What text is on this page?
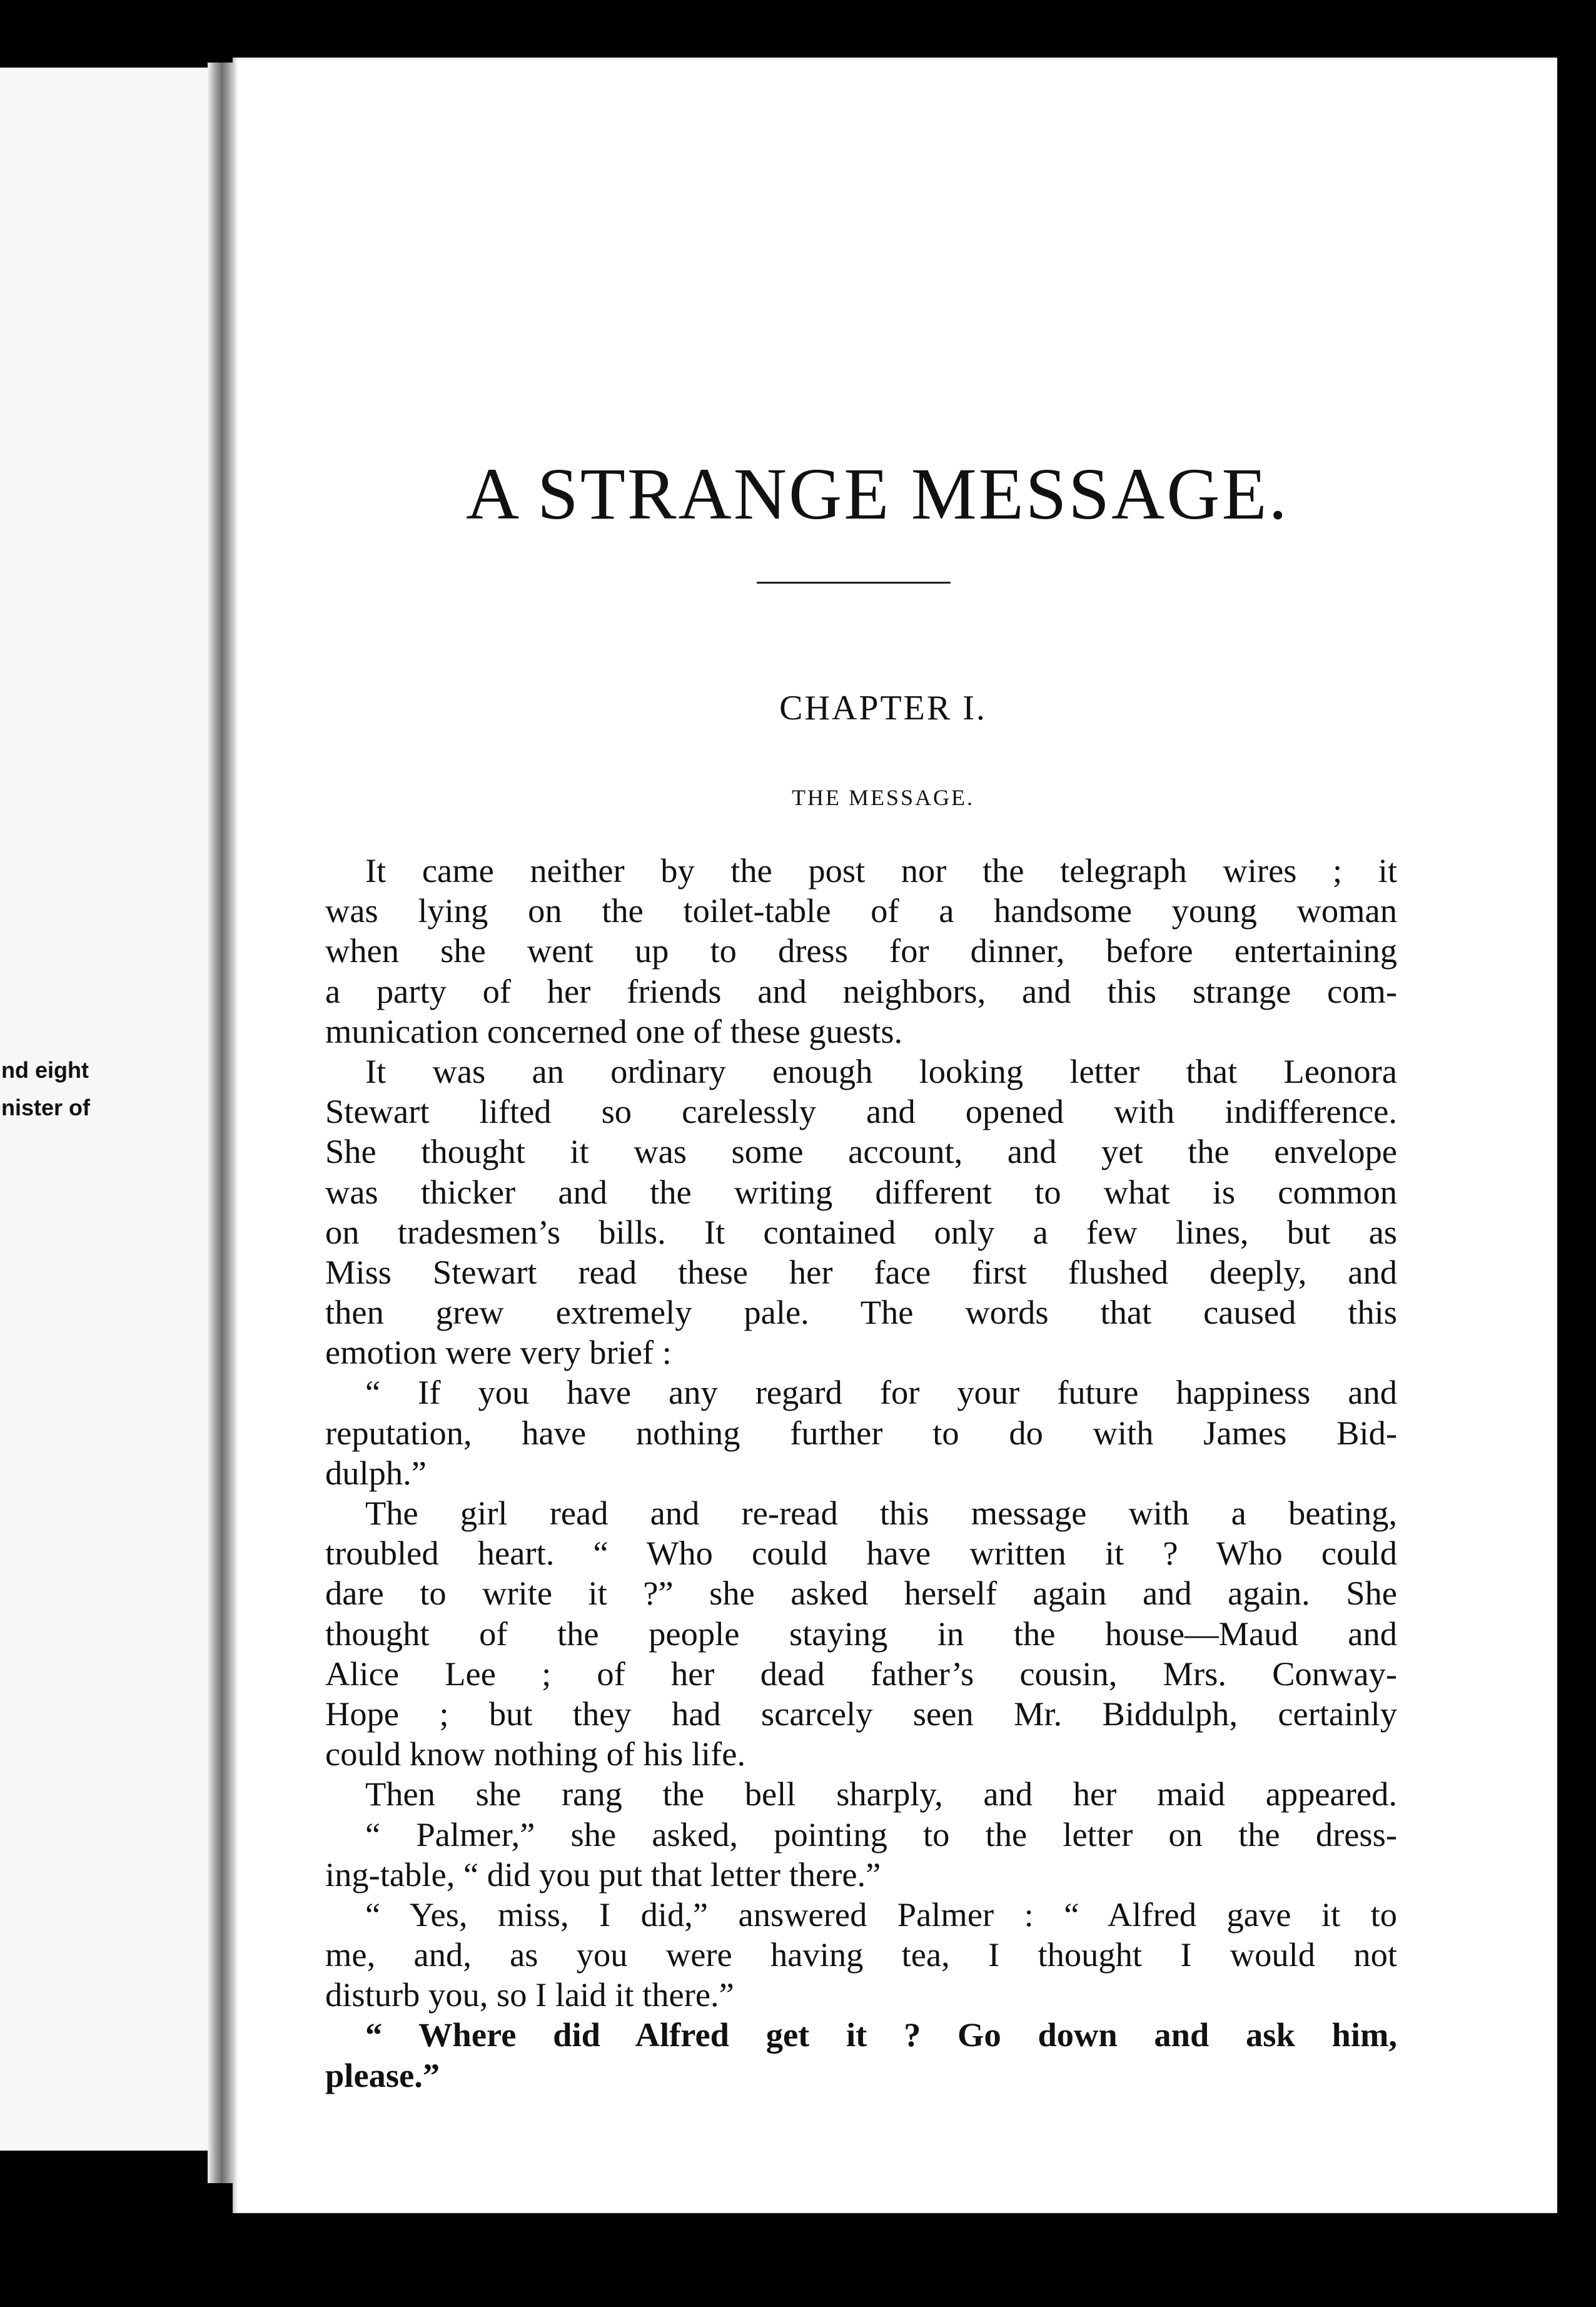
nd eight
nister of
A STRANGE MESSAGE.
CHAPTER I.
THE MESSAGE.
It came neither by the post nor the telegraph wires ; it
was lying on the toilet-table of a handsome young woman
when she went up to dress for dinner, before entertaining
a party of her friends and neighbors, and this strange com-
munication concerned one of these guests.
It was an ordinary enough looking letter that Leonora
Stewart lifted so carelessly and opened with indifference.
She thought it was some account, and yet the envelope
was thicker and the writing different to what is common
on tradesmen’s bills. It contained only a few lines, but as
Miss Stewart read these her face first flushed deeply, and
then grew extremely pale. The words that caused this
emotion were very brief :
“ If you have any regard for your future happiness and
reputation, have nothing further to do with James Bid-
dulph.”
The girl read and re-read this message with a beating,
troubled heart. “ Who could have written it ? Who could
dare to write it ?” she asked herself again and again. She
thought of the people staying in the house—Maud and
Alice Lee ; of her dead father’s cousin, Mrs. Conway-
Hope ; but they had scarcely seen Mr. Biddulph, certainly
could know nothing of his life.
Then she rang the bell sharply, and her maid appeared.
“ Palmer,” she asked, pointing to the letter on the dress-
ing-table, “ did you put that letter there.”
“ Yes, miss, I did,” answered Palmer : “ Alfred gave it to
me, and, as you were having tea, I thought I would not
disturb you, so I laid it there.”
“ Where did Alfred get it ? Go down and ask him,
please.”
